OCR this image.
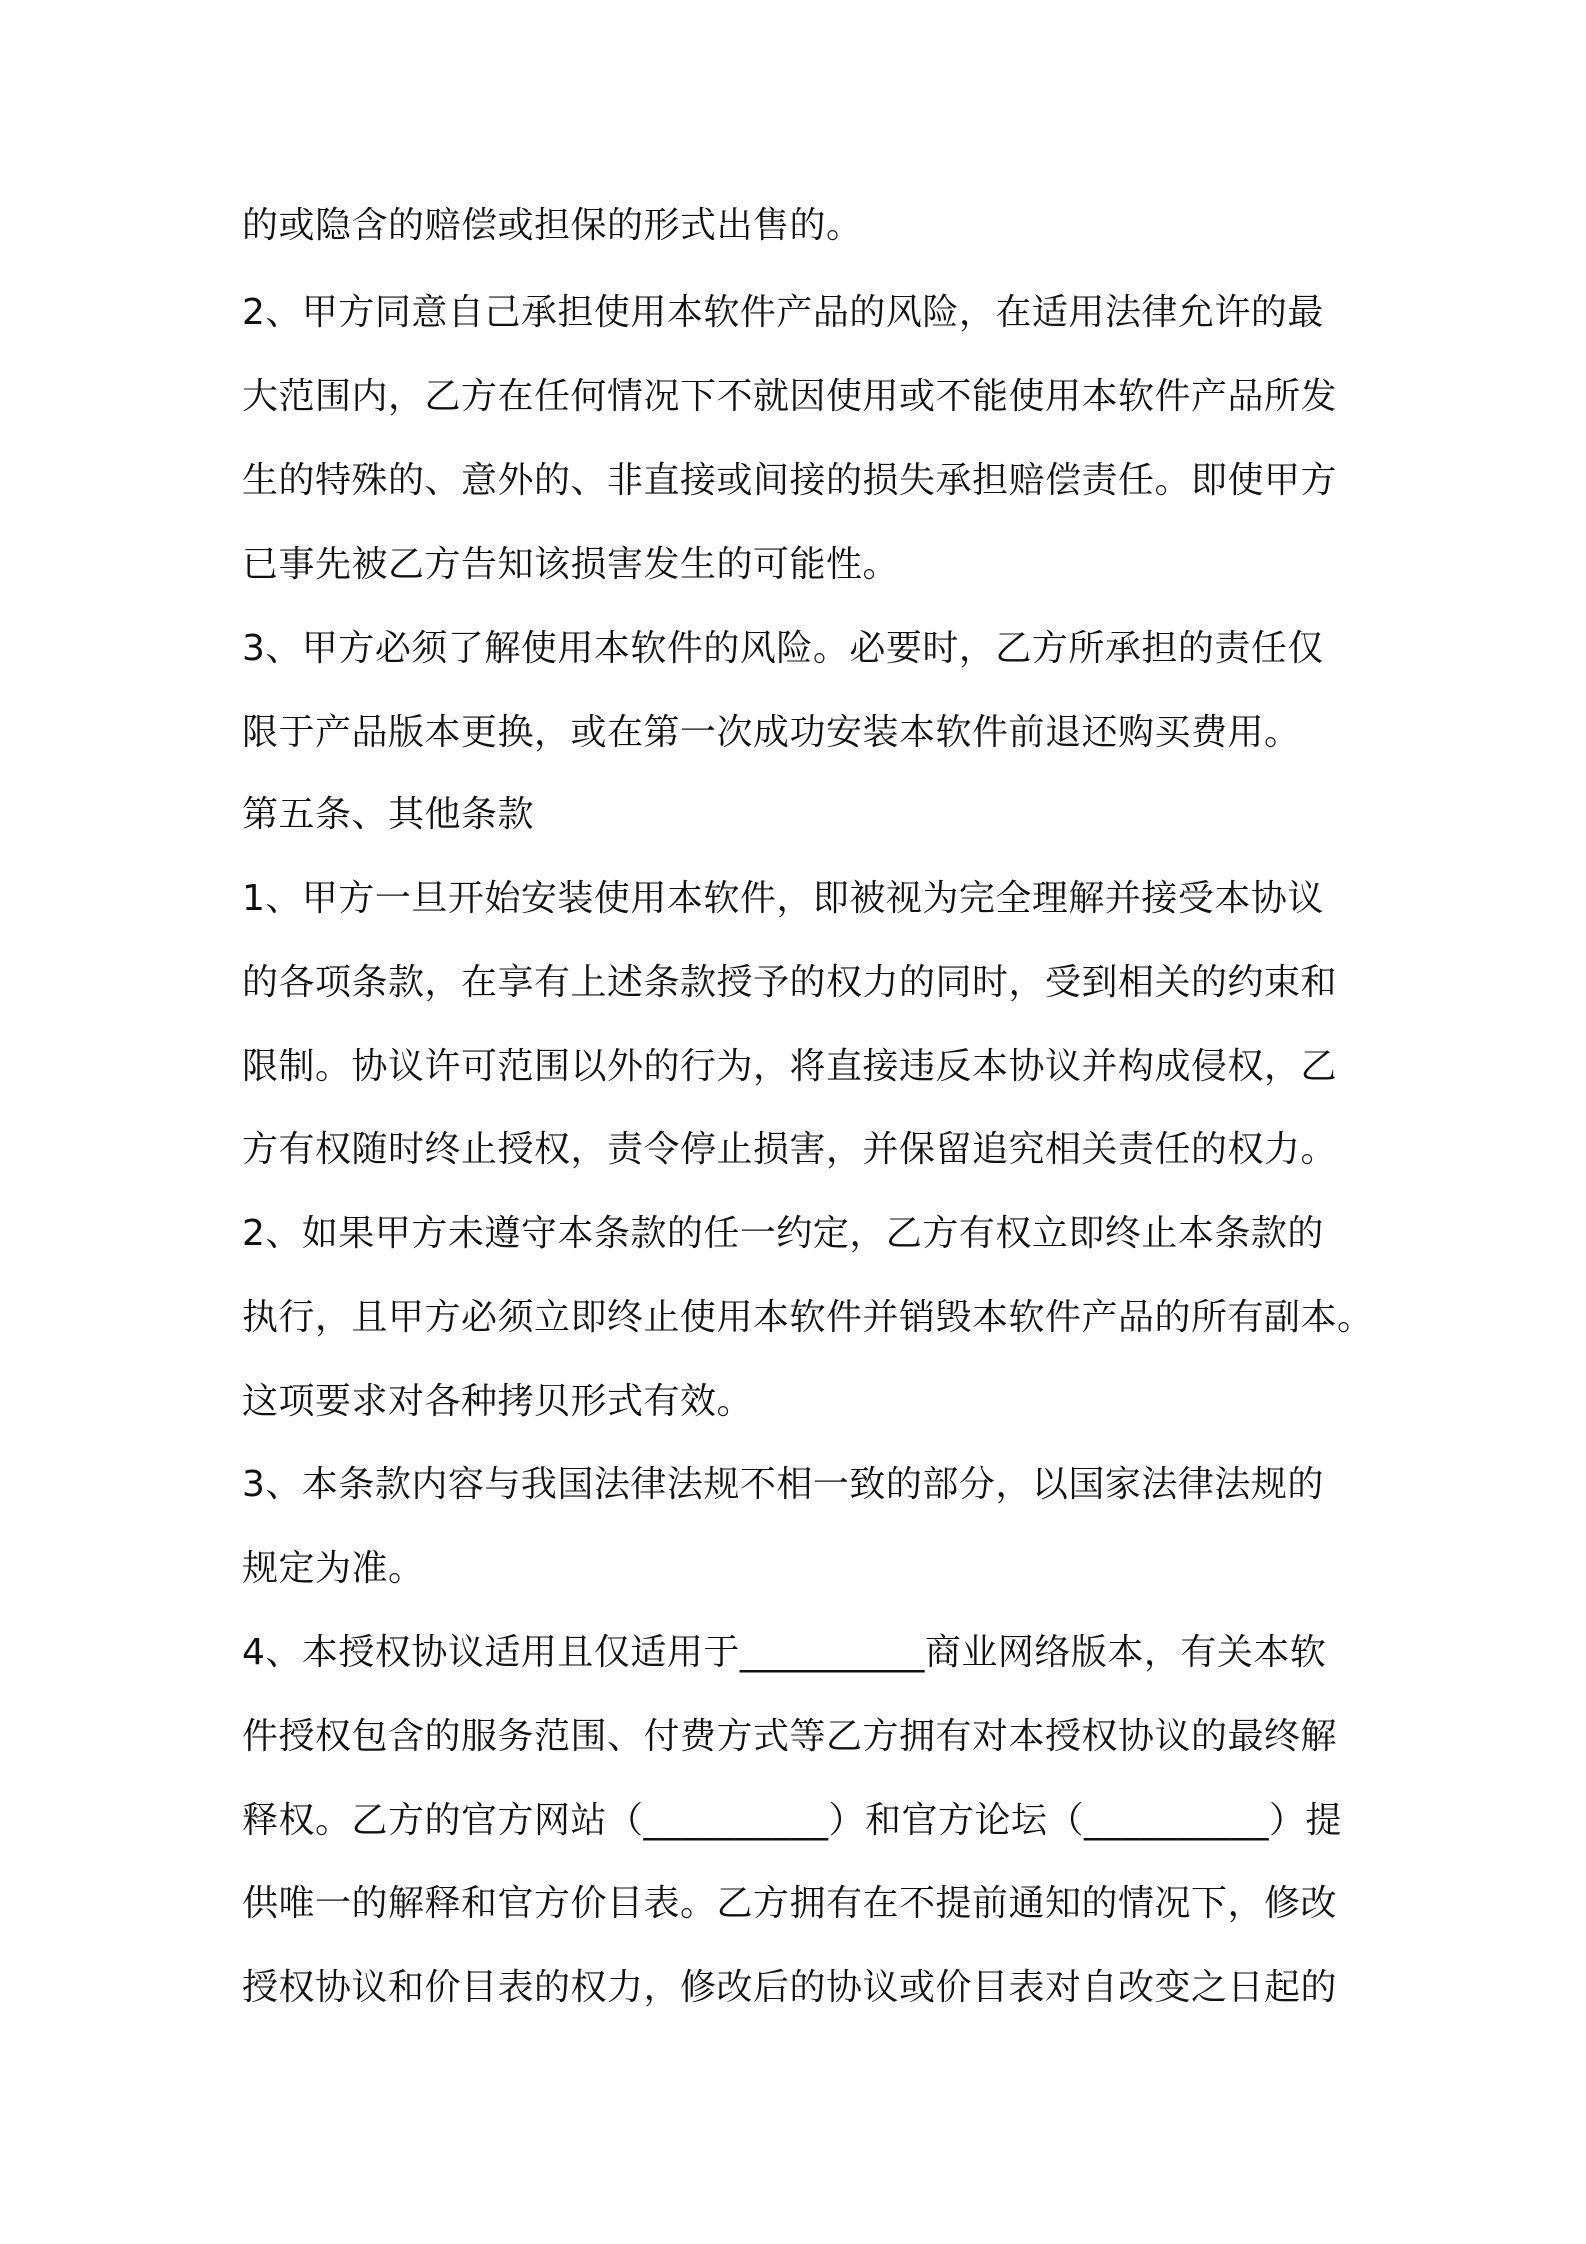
的或隐含的赔偿或担保的形式出售的。
2、甲方同意自己承担使用本软件产品的风险，在适用法律允许的最
大范围内，乙方在任何情况下不就因使用或不能使用本软件产品所发
生的特殊的、意外的、非直接或间接的损失承担赔偿责任。即使甲方
已事先被乙方告知该损害发生的可能性。
3、甲方必须了解使用本软件的风险。必要时，乙方所承担的责任仅
限于产品版本更换，或在第一次成功安装本软件前退还购买费用。
第五条、其他条款
1、甲方一旦开始安装使用本软件，即被视为完全理解并接受本协议
的各项条款，在享有上述条款授予的权力的同时，受到相关的约束和
限制。协议许可范围以外的行为，将直接违反本协议并构成侵权，乙
方有权随时终止授权，责令停止损害，并保留追究相关责任的权力。
2、如果甲方未遵守本条款的任一约定，乙方有权立即终止本条款的
执行，且甲方必须立即终止使用本软件并销毁本软件产品的所有副本。
这项要求对各种拷贝形式有效。
3、本条款内容与我国法律法规不相一致的部分，以国家法律法规的
规定为准。
4、本授权协议适用且仅适用于__________商业网络版本，有关本软
件授权包含的服务范围、付费方式等乙方拥有对本授权协议的最终解
释权。乙方的官方网站（__________）和官方论坛（__________）提
供唯一的解释和官方价目表。乙方拥有在不提前通知的情况下，修改
授权协议和价目表的权力，修改后的协议或价目表对自改变之日起的
